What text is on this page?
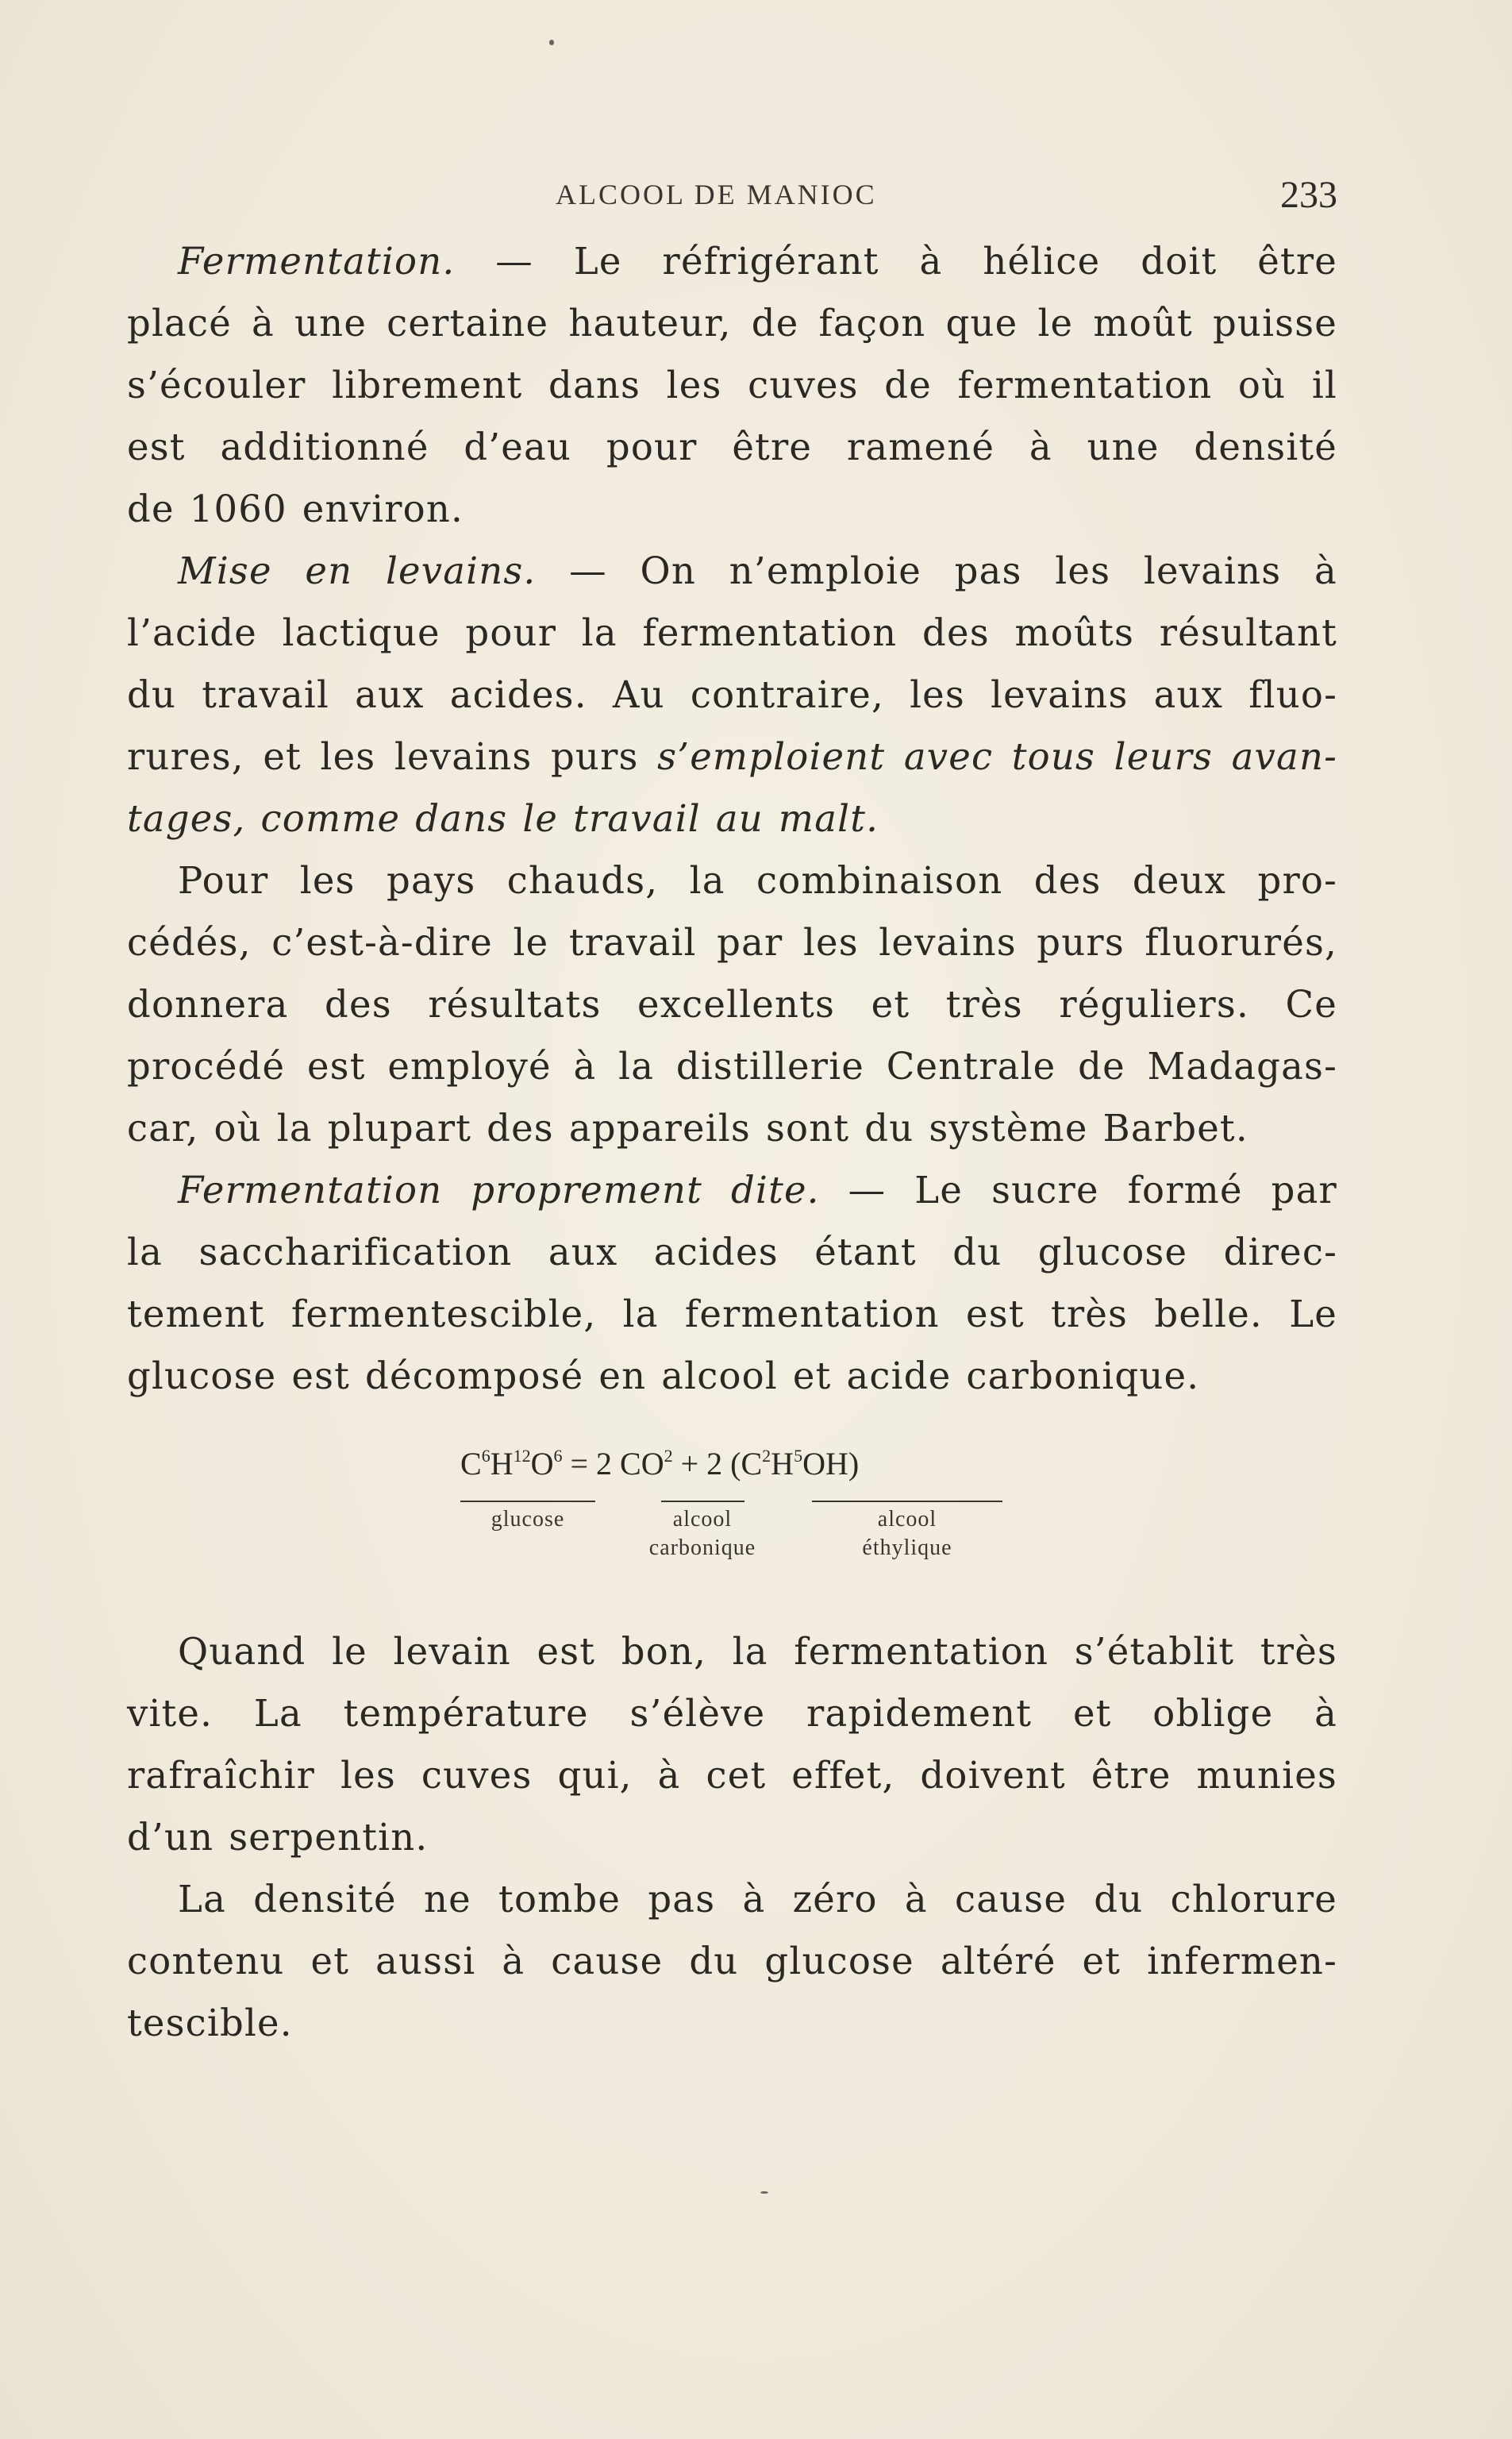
ALCOOL DE MANIOC	233
Fermentation. — Le réfrigérant à hélice doit être
placé à une certaine hauteur, de façon que le moût puisse
s’écouler librement dans les cuves de fermentation où il
est additionné d’eau pour être ramené à une densité
de 1060 environ.
Mise en levains. — On n’emploie pas les levains à
l’acide lactique pour la fermentation des moûts résultant
du travail aux acides. Au contraire, les levains aux fluo-
rures, et les levains purs s’emploient avec tous leurs avan-
tages, comme dans le travail au malt.
Pour les pays chauds, la combinaison des deux pro-
cédés, c’est-à-dire le travail par les levains purs fluorurés,
donnera des résultats excellents et très réguliers. Ce
procédé est employé à la distillerie Centrale de Madagas-
car, où la plupart des appareils sont du système Barbet.
Fermentation proprement dite. — Le sucre formé par
la saccharification aux acides étant du glucose direc-
tement fermentescible, la fermentation est très belle. Le
glucose est décomposé en alcool et acide carbonique.
$C^6H^{12}O^6 = 2$ $CO^2 + 2$ $(C^2H^5OH)$
glucose	alcool
carbonique
alcool
éthylique
Quand le levain est bon, la fermentation s’établit très
vite. La température s’élève rapidement et oblige à
rafraîchir les cuves qui, à cet effet, doivent être munies
d’un serpentin.
La densité ne tombe pas à zéro à cause du chlorure
contenu et aussi à cause du glucose altéré et infermen-
tescible.
